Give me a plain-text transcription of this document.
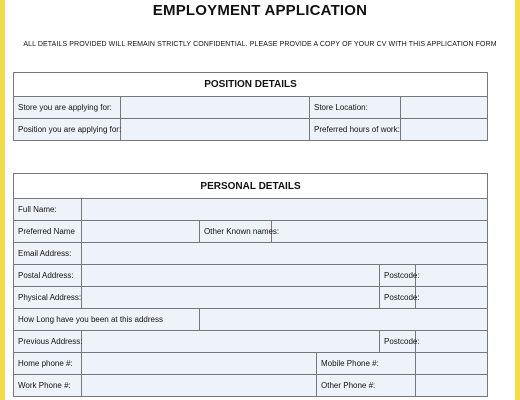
EMPLOYMENT APPLICATION
ALL DETAILS PROVIDED WILL REMAIN STRICTLY CONFIDENTIAL. PLEASE PROVIDE A COPY OF YOUR CV WITH THIS APPLICATION FORM
POSITION DETAILS			
Store you are applying for:		Store Location:	
Position you are applying for:		Preferred hours of work:	
PERSONAL DETAILS						
Full Name:						
Preferred Name		Other Known names:				
Email Address:						
Postal Address:					Postcode:	
Physical Address:					Postcode:	
How Long have you been at this address						
Previous Address:					Postcode:	
Home phone #:				Mobile Phone #:		
Work Phone #:				Other Phone #:		
